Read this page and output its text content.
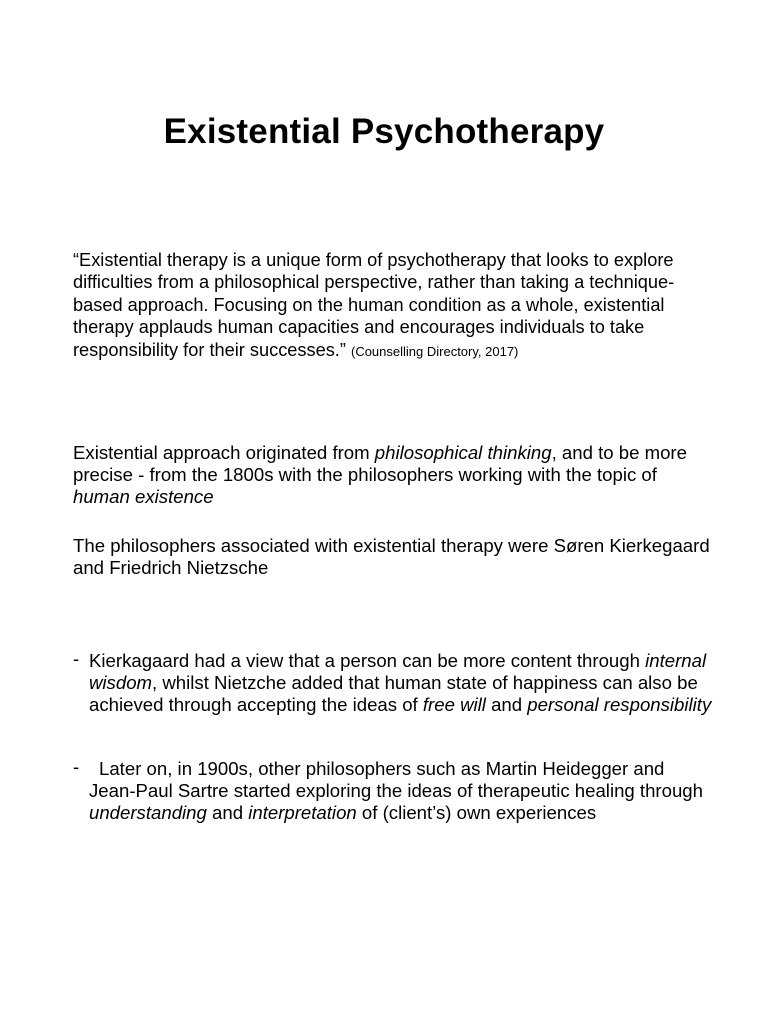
Existential Psychotherapy

“Existential therapy is a unique form of psychotherapy that looks to explore difficulties from a philosophical perspective, rather than taking a technique-based approach. Focusing on the human condition as a whole, existential therapy applauds human capacities and encourages individuals to take responsibility for their successes.” (Counselling Directory, 2017)

Existential approach originated from philosophical thinking, and to be more precise - from the 1800s with the philosophers working with the topic of human existence

The philosophers associated with existential therapy were Søren Kierkegaard and Friedrich Nietzsche

- Kierkagaard had a view that a person can be more content through internal wisdom, whilst Nietzche added that human state of happiness can also be achieved through accepting the ideas of free will and personal responsibility
-	Later on, in 1900s, other philosophers such as Martin Heidegger and Jean-Paul Sartre started exploring the ideas of therapeutic healing through understanding and interpretation of (client’s) own experiences
